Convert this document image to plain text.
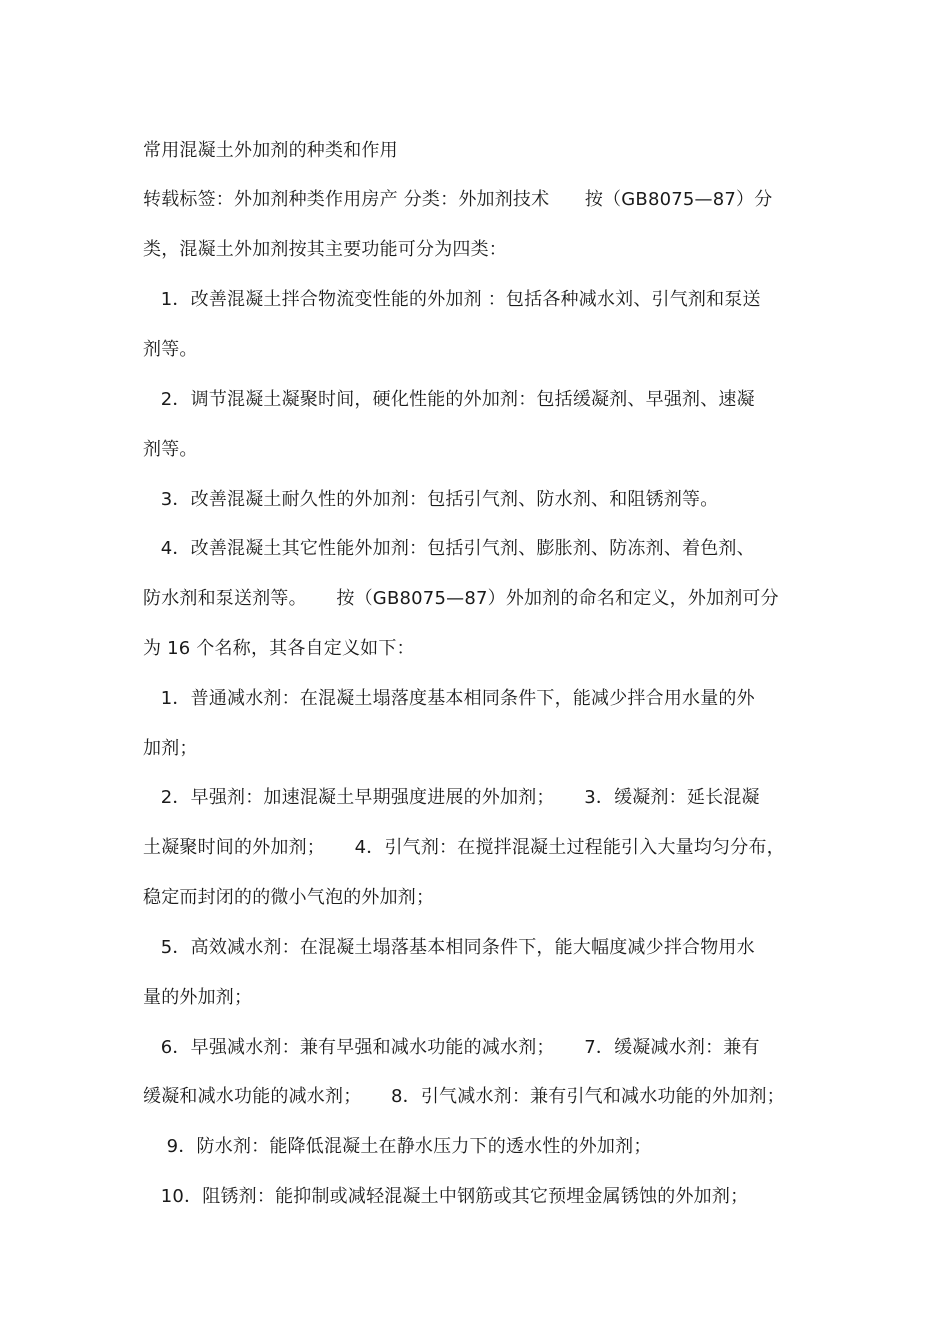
常用混凝土外加剂的种类和作用
转载标签：外加剂种类作用房产 分类：外加剂技术      按（GB8075—87）分
类，混凝土外加剂按其主要功能可分为四类：
1．改善混凝土拌合物流变性能的外加剂 ：包括各种减水刘、引气剂和泵送
剂等。
2．调节混凝土凝聚时间，硬化性能的外加剂：包括缓凝剂、早强剂、速凝
剂等。
3．改善混凝土耐久性的外加剂：包括引气剂、防水剂、和阻锈剂等。
4．改善混凝土其它性能外加剂：包括引气剂、膨胀剂、防冻剂、着色剂、
防水剂和泵送剂等。     按（GB8075—87）外加剂的命名和定义，外加剂可分
为 16 个名称，其各自定义如下：
1．普通减水剂：在混凝土塌落度基本相同条件下，能减少拌合用水量的外
加剂；
2．早强剂：加速混凝土早期强度进展的外加剂；     3．缓凝剂：延长混凝
土凝聚时间的外加剂；     4．引气剂：在搅拌混凝土过程能引入大量均匀分布，
稳定而封闭的的微小气泡的外加剂；
5．高效减水剂：在混凝土塌落基本相同条件下，能大幅度减少拌合物用水
量的外加剂；
6．早强减水剂：兼有早强和减水功能的减水剂；     7．缓凝减水剂：兼有
缓凝和减水功能的减水剂；     8．引气减水剂：兼有引气和减水功能的外加剂；
9．防水剂：能降低混凝土在静水压力下的透水性的外加剂；
10．阻锈剂：能抑制或减轻混凝土中钢筋或其它预埋金属锈蚀的外加剂；
